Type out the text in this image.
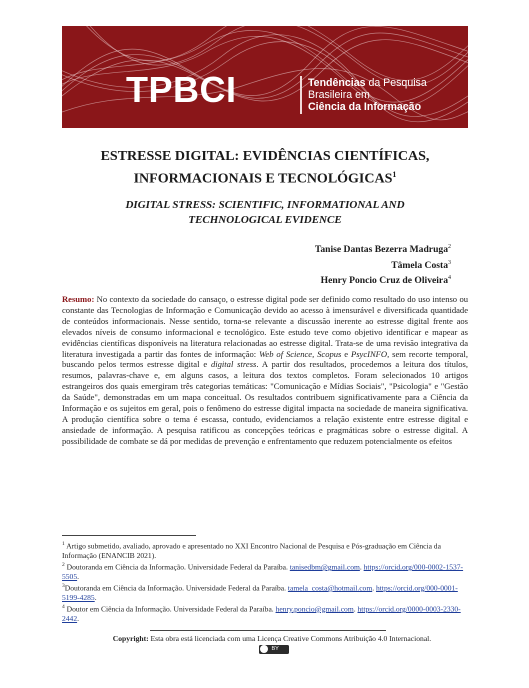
TPBCI	Tendências da Pesquisa
Brasileira em
Ciência da Informação
ESTRESSE DIGITAL: EVIDÊNCIAS CIENTÍFICAS, INFORMACIONAIS E TECNOLÓGICAS$^1$
DIGITAL STRESS: SCIENTIFIC, INFORMATIONAL AND
TECHNOLOGICAL EVIDENCE
Tanise Dantas Bezerra Madruga$^2$
Tâmela Costa$^3$
Henry Poncio Cruz de Oliveira$^4$

Resumo: No contexto da sociedade do cansaço, o estresse digital pode ser definido como resultado do uso intenso ou constante das Tecnologias de Informação e Comunicação devido ao acesso à imensurável e diversificada quantidade de conteúdos informacionais. Nesse sentido, torna-se relevante a discussão inerente ao estresse digital frente aos elevados níveis de consumo informacional e tecnológico. Este estudo teve como objetivo identificar e mapear as evidências científicas disponíveis na literatura relacionadas ao estresse digital. Trata-se de uma revisão integrativa da literatura investigada a partir das fontes de informação: Web of Science, Scopus e PsycINFO, sem recorte temporal, buscando pelos termos estresse digital e digital stress. A partir dos resultados, procedemos a leitura dos títulos, resumos, palavras-chave e, em alguns casos, a leitura dos textos completos. Foram selecionados 10 artigos estrangeiros dos quais emergiram três categorias temáticas: "Comunicação e Mídias Sociais", "Psicologia" e "Gestão da Saúde", demonstradas em um mapa conceitual. Os resultados contribuem significativamente para a Ciência da Informação e os sujeitos em geral, pois o fenômeno do estresse digital impacta na sociedade de maneira significativa. A produção científica sobre o tema é escassa, contudo, evidenciamos a relação existente entre estresse digital e ansiedade de informação. A pesquisa ratificou as concepções teóricas e pragmáticas sobre o estresse digital. A possibilidade de combate se dá por medidas de prevenção e enfrentamento que reduzem potencialmente os efeitos

$^1$ Artigo submetido, avaliado, aprovado e apresentado no XXI Encontro Nacional de Pesquisa e Pós-graduação em Ciência da Informação (ENANCIB 2021).
$^2$ Doutoranda em Ciência da Informação. Universidade Federal da Paraíba. tanisedbm@gmail.com. https://orcid.org/000-0002-1537-5505.
$^3$Doutoranda em Ciência da Informação. Universidade Federal da Paraíba. tamela_costa@hotmail.com. https://orcid.org/000-0001-5199-4285.
$^4$ Doutor em Ciência da Informação. Universidade Federal da Paraíba. henry.poncio@gmail.com. https://orcid.org/0000-0003-2330-2442.
Copyright: Esta obra está licenciada com uma Licença Creative Commons Atribuição 4.0 Internacional.
BY
